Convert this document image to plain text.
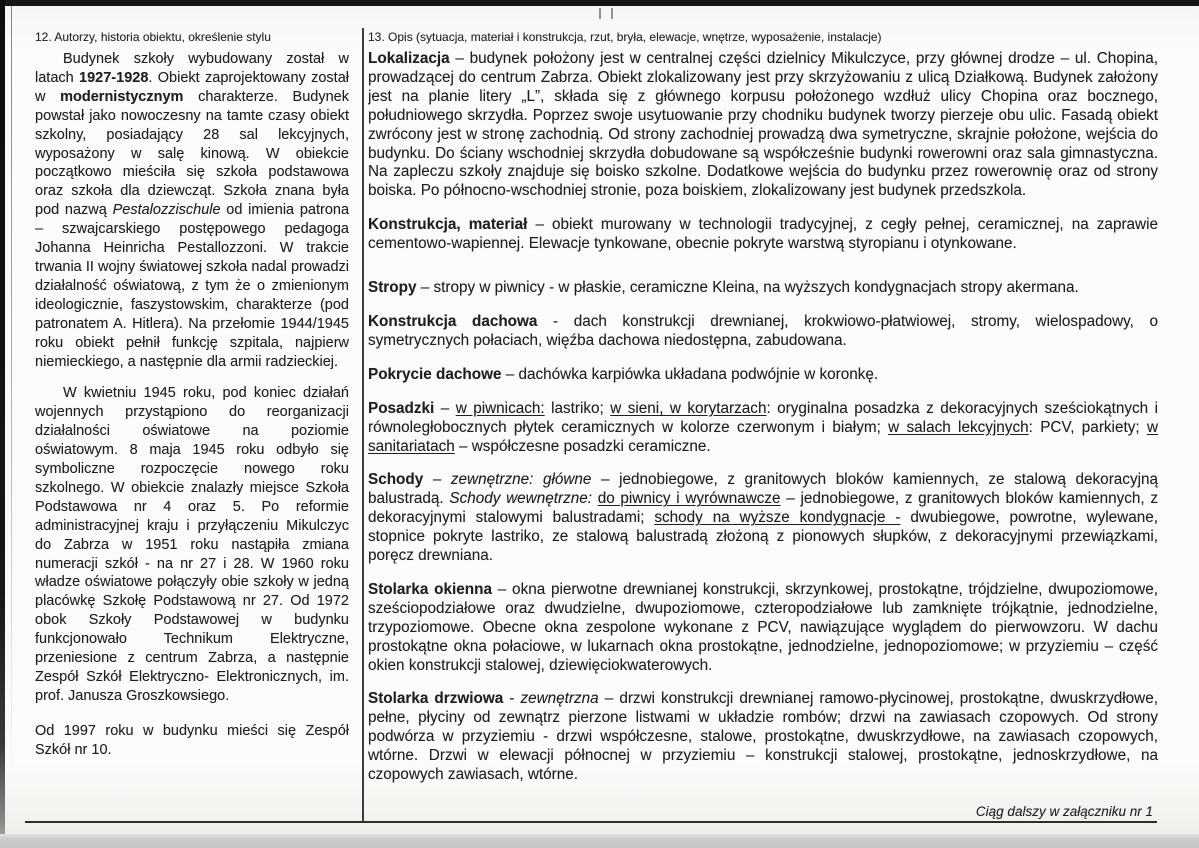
12. Autorzy, historia obiektu, określenie stylu	13. Opis (sytuacja, materiał i konstrukcja, rzut, bryła, elewacje, wnętrze, wyposażenie, instalacje)

Budynek szkoły wybudowany został w latach 1927-1928. Obiekt zaprojektowany został w modernistycznym charakterze. Budynek powstał jako nowoczesny na tamte czasy obiekt szkolny, posiadający 28 sal lekcyjnych, wyposażony w salę kinową. W obiekcie początkowo mieściła się szkoła podstawowa oraz szkoła dla dziewcząt. Szkoła znana była pod nazwą Pestalozzischule od imienia patrona – szwajcarskiego postępowego pedagoga Johanna Heinricha Pestallozzoni. W trakcie trwania II wojny światowej szkoła nadal prowadzi działalność oświatową, z tym że o zmienionym ideologicznie, faszystowskim, charakterze (pod patronatem A. Hitlera). Na przełomie 1944/1945 roku obiekt pełnił funkcję szpitala, najpierw niemieckiego, a następnie dla armii radzieckiej.

W kwietniu 1945 roku, pod koniec działań wojennych przystąpiono do reorganizacji działalności oświatowe na poziomie oświatowym. 8 maja 1945 roku odbyło się symboliczne rozpoczęcie nowego roku szkolnego. W obiekcie znalazły miejsce Szkoła Podstawowa nr 4 oraz 5. Po reformie administracyjnej kraju i przyłączeniu Mikulczyc do Zabrza w 1951 roku nastąpiła zmiana numeracji szkół - na nr 27 i 28. W 1960 roku władze oświatowe połączyły obie szkoły w jedną placówkę Szkołę Podstawową nr 27. Od 1972 obok Szkoły Podstawowej w budynku funkcjonowało Technikum Elektryczne, przeniesione z centrum Zabrza, a następnie Zespół Szkół Elektryczno- Elektronicznych, im. prof. Janusza Groszkowsiego.

Od 1997 roku w budynku mieści się Zespół Szkół nr 10.

Lokalizacja – budynek położony jest w centralnej części dzielnicy Mikulczyce, przy głównej drodze – ul. Chopina, prowadzącej do centrum Zabrza. Obiekt zlokalizowany jest przy skrzyżowaniu z ulicą Działkową. Budynek założony jest na planie litery „L”, składa się z głównego korpusu położonego wzdłuż ulicy Chopina oraz bocznego, południowego skrzydła. Poprzez swoje usytuowanie przy chodniku budynek tworzy pierzeje obu ulic. Fasadą obiekt zwrócony jest w stronę zachodnią. Od strony zachodniej prowadzą dwa symetryczne, skrajnie położone, wejścia do budynku. Do ściany wschodniej skrzydła dobudowane są współcześnie budynki rowerowni oraz sala gimnastyczna. Na zapleczu szkoły znajduje się boisko szkolne. Dodatkowe wejścia do budynku przez rowerownię oraz od strony boiska. Po północno-wschodniej stronie, poza boiskiem, zlokalizowany jest budynek przedszkola.
Konstrukcja, materiał – obiekt murowany w technologii tradycyjnej, z cegły pełnej, ceramicznej, na zaprawie cementowo-wapiennej. Elewacje tynkowane, obecnie pokryte warstwą styropianu i otynkowane.
Stropy – stropy w piwnicy - w płaskie, ceramiczne Kleina, na wyższych kondygnacjach stropy akermana.
Konstrukcja dachowa - dach konstrukcji drewnianej, krokwiowo-płatwiowej, stromy, wielospadowy, o symetrycznych połaciach, więźba dachowa niedostępna, zabudowana.
Pokrycie dachowe – dachówka karpiówka układana podwójnie w koronkę.
Posadzki – w piwnicach: lastriko; w sieni, w korytarzach: oryginalna posadzka z dekoracyjnych sześciokątnych i równoległobocznych płytek ceramicznych w kolorze czerwonym i białym; w salach lekcyjnych: PCV, parkiety; w sanitariatach – współczesne posadzki ceramiczne.
Schody – zewnętrzne: główne – jednobiegowe, z granitowych bloków kamiennych, ze stalową dekoracyjną balustradą. Schody wewnętrzne: do piwnicy i wyrównawcze – jednobiegowe, z granitowych bloków kamiennych, z dekoracyjnymi stalowymi balustradami; schody na wyższe kondygnacje - dwubiegowe, powrotne, wylewane, stopnice pokryte lastriko, ze stalową balustradą złożoną z pionowych słupków, z dekoracyjnymi przewiązkami, poręcz drewniana.
Stolarka okienna – okna pierwotne drewnianej konstrukcji, skrzynkowej, prostokątne, trójdzielne, dwupoziomowe, sześciopodziałowe oraz dwudzielne, dwupoziomowe, czteropodziałowe lub zamknięte trójkątnie, jednodzielne, trzypoziomowe. Obecne okna zespolone wykonane z PCV, nawiązujące wyglądem do pierwowzoru. W dachu prostokątne okna połaciowe, w lukarnach okna prostokątne, jednodzielne, jednopoziomowe; w przyziemiu – część okien konstrukcji stalowej, dziewięciokwaterowych.
Stolarka drzwiowa - zewnętrzna – drzwi konstrukcji drewnianej ramowo-płycinowej, prostokątne, dwuskrzydłowe, pełne, płyciny od zewnątrz pierzone listwami w układzie rombów; drzwi na zawiasach czopowych. Od strony podwórza w przyziemiu - drzwi współczesne, stalowe, prostokątne, dwuskrzydłowe, na zawiasach czopowych, wtórne. Drzwi w elewacji północnej w przyziemiu – konstrukcji stalowej, prostokątne, jednoskrzydłowe, na czopowych zawiasach, wtórne.
Ciąg dalszy w załączniku nr 1
